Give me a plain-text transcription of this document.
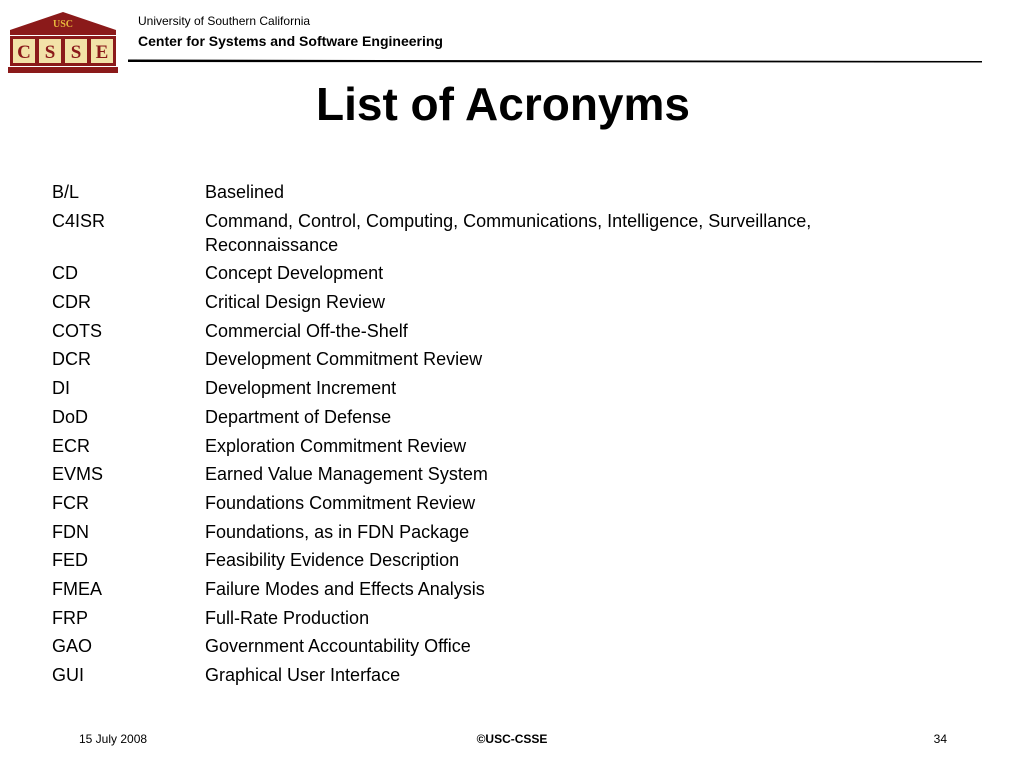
USC
C S S E
University of Southern California
Center for Systems and Software Engineering
List of Acronyms
B/L	Baselined
C4ISR	Command, Control, Computing, Communications, Intelligence, Surveillance, Reconnaissance
CD	Concept Development
CDR	Critical Design Review
COTS	Commercial Off-the-Shelf
DCR	Development Commitment Review
DI	Development Increment
DoD	Department of Defense
ECR	Exploration Commitment Review
EVMS	Earned Value Management System
FCR	Foundations Commitment Review
FDN	Foundations, as in FDN Package
FED	Feasibility Evidence Description
FMEA	Failure Modes and Effects Analysis
FRP	Full-Rate Production
GAO	Government Accountability Office
GUI	Graphical User Interface
15 July 2008	©USC-CSSE	34
